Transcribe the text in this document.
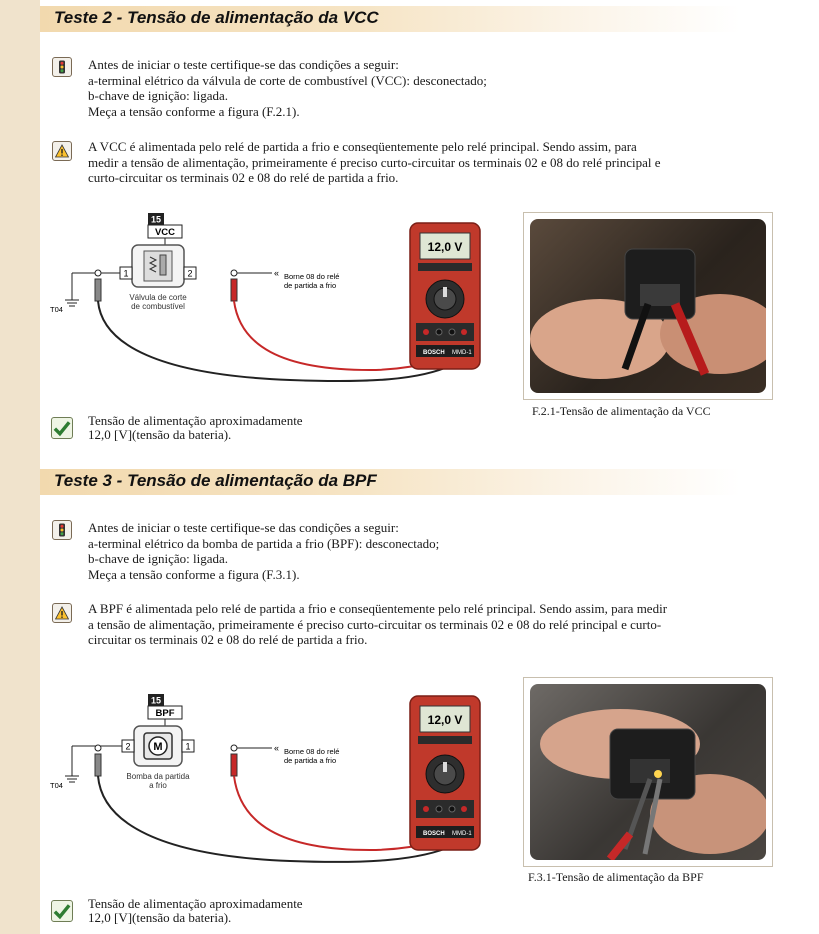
Teste 2 - Tensão de alimentação da VCC
Antes de iniciar o teste certifique-se das condições a seguir:
a-terminal elétrico da válvula de corte de combustível (VCC): desconectado;
b-chave de ignição: ligada.
Meça a tensão conforme a figura (F.2.1).
A VCC é alimentada pelo relé de partida a frio e conseqüentemente pelo relé principal. Sendo assim, para
medir a tensão de alimentação, primeiramente é preciso curto-circuitar os terminais 02 e 08 do relé principal e
curto-circuitar os terminais 02 e 08 do relé de partida a frio.
15
VCC
1	2
Válvula de corte
de combustível
T04
« Borne 08 do relé
de partida a frio
12,0 V
BOSCH MMD-1
F.2.1-Tensão de alimentação da VCC
Tensão de alimentação aproximadamente
12,0 [V](tensão da bateria).
Teste 3 - Tensão de alimentação da BPF
Antes de iniciar o teste certifique-se das condições a seguir:
a-terminal elétrico da bomba de partida a frio (BPF): desconectado;
b-chave de ignição: ligada.
Meça a tensão conforme a figura (F.3.1).
A BPF é alimentada pelo relé de partida a frio e conseqüentemente pelo relé principal. Sendo assim, para medir
a tensão de alimentação, primeiramente é preciso curto-circuitar os terminais 02 e 08 do relé principal e curto-
circuitar os terminais 02 e 08 do relé de partida a frio.
15
BPF
M
2	1
Bomba da partida
a frio
T04
« Borne 08 do relé
de partida a frio
12,0 V
BOSCH MMD-1
F.3.1-Tensão de alimentação da BPF
Tensão de alimentação aproximadamente
12,0 [V](tensão da bateria).
